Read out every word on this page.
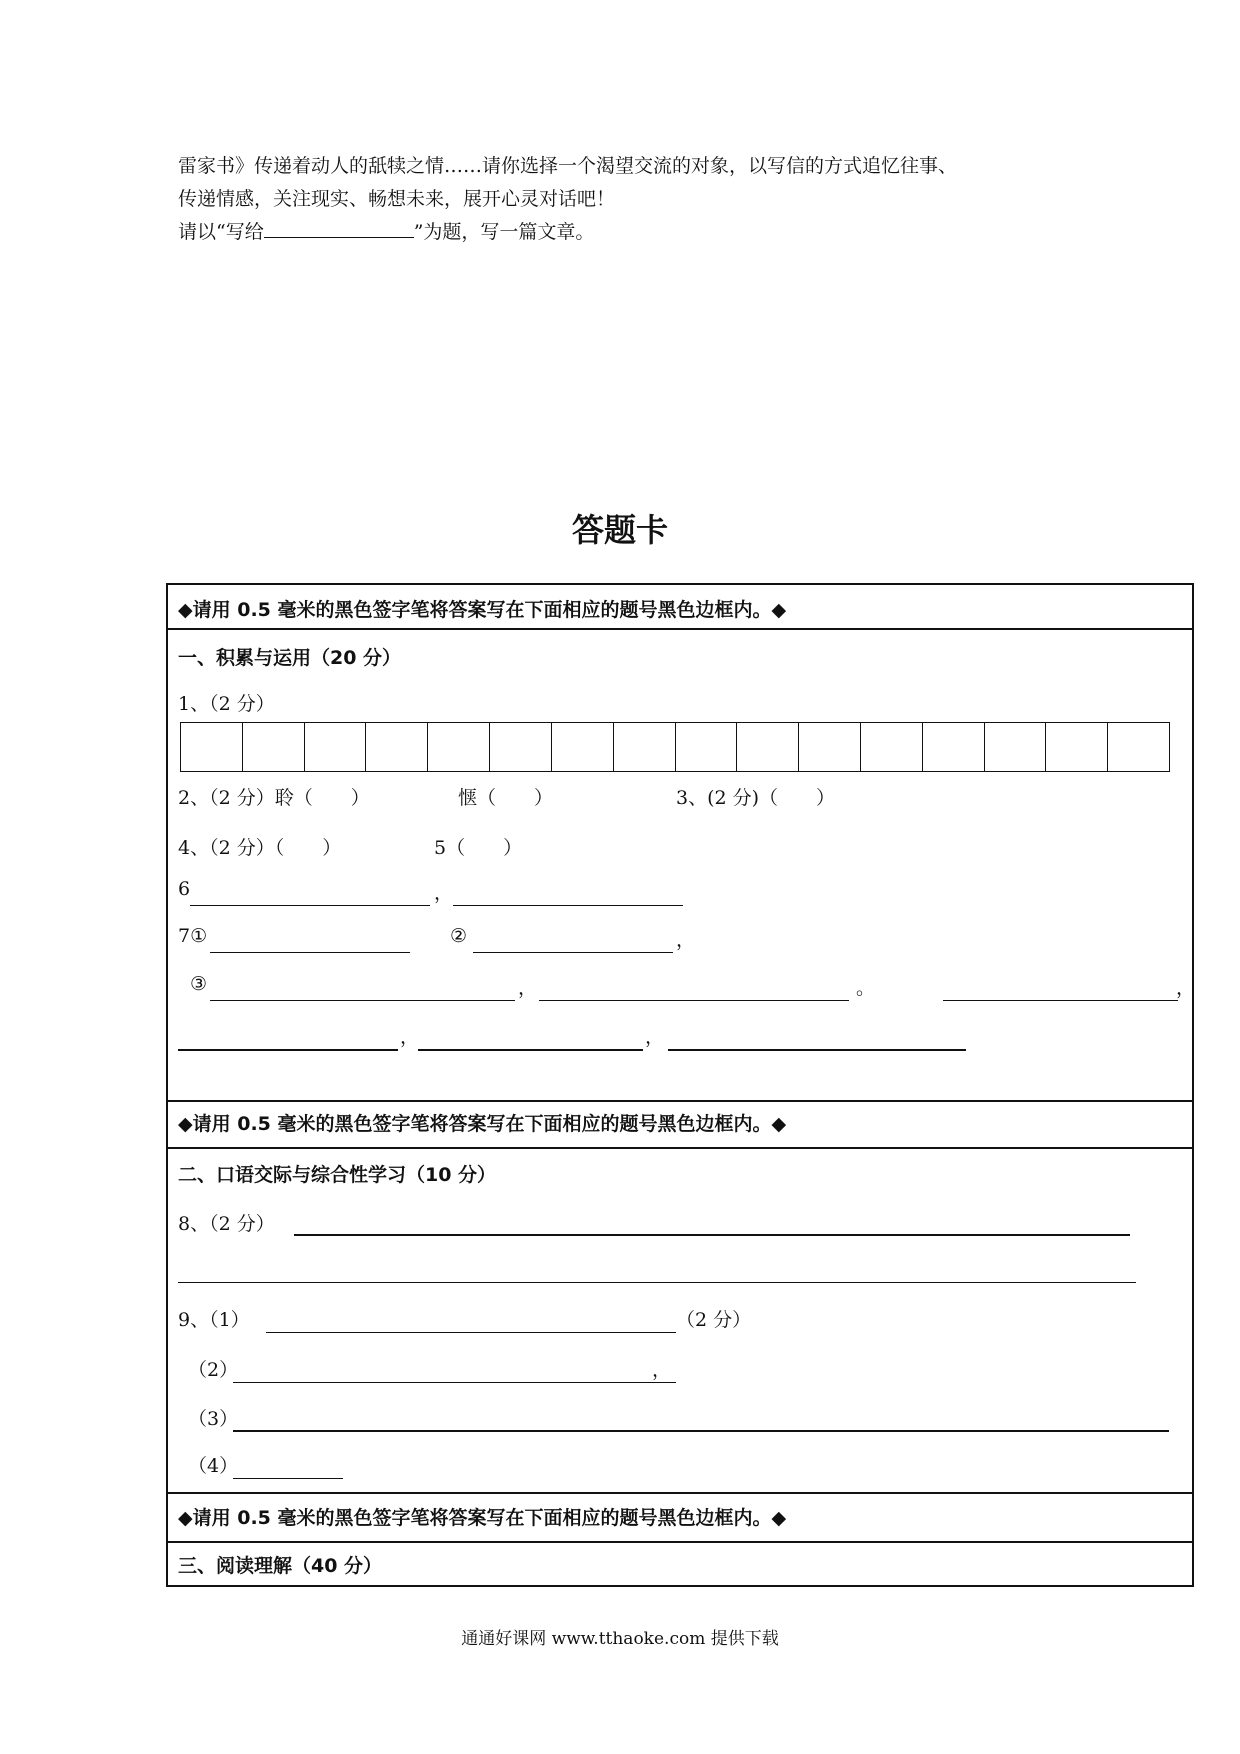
雷家书》传递着动人的舐犊之情……请你选择一个渴望交流的对象，以写信的方式追忆往事、
传递情感，关注现实、畅想未来，展开心灵对话吧！
请以“写给	”为题，写一篇文章。
答题卡
◆请用 0.5 毫米的黑色签字笔将答案写在下面相应的题号黑色边框内。◆
一、积累与运用（20 分）
1、（2 分）
2、（2 分）聆（　　）	惬（　　）	3、(2 分)（　　）
4、（2 分）（　　）	5（　　）
6	，
7①	②	，
③	，	。	，
，	，
◆请用 0.5 毫米的黑色签字笔将答案写在下面相应的题号黑色边框内。◆
二、口语交际与综合性学习（10 分）
8、（2 分）
9、（1）	（2 分）
（2）	，
（3）
（4）
◆请用 0.5 毫米的黑色签字笔将答案写在下面相应的题号黑色边框内。◆
三、阅读理解（40 分）
通通好课网 www.tthaoke.com 提供下载
